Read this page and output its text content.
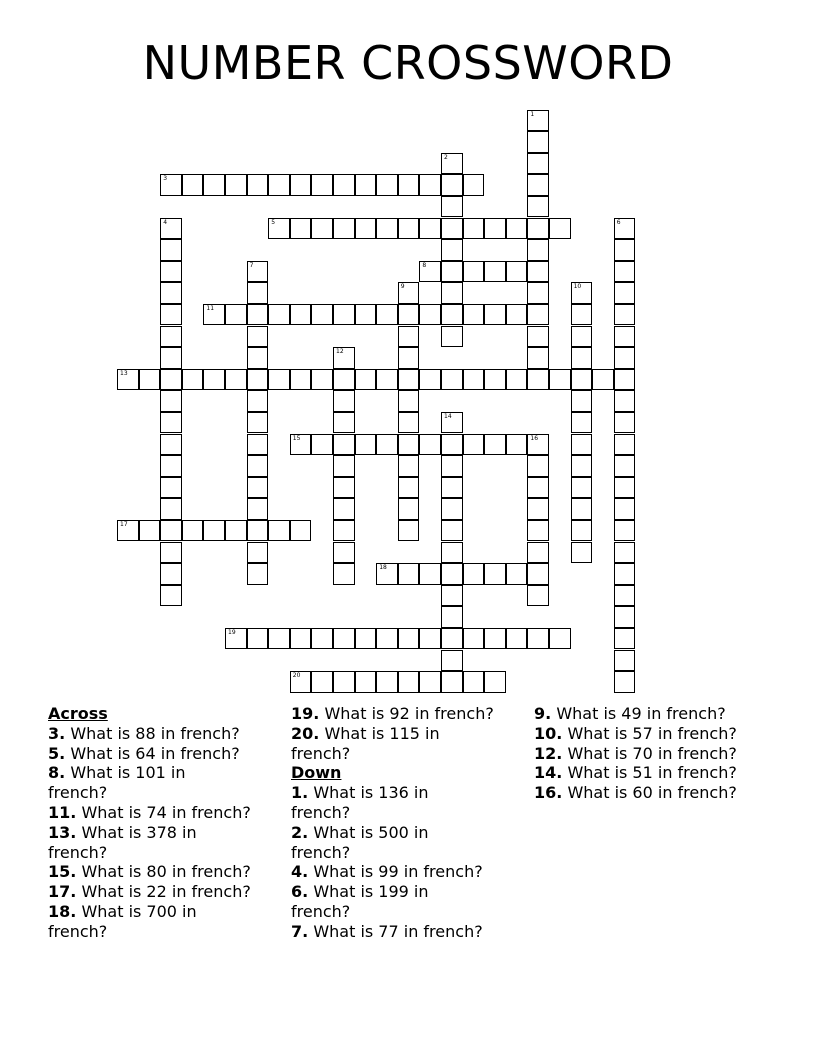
NUMBER CROSSWORD
1
2
3
4	5	6
7	8
9	10
11
12
13
14
15	16
17
18
19
20
Across
3. What is 88 in french?
5. What is 64 in french?
8. What is 101 in french?
11. What is 74 in french?
13. What is 378 in french?
15. What is 80 in french?
17. What is 22 in french?
18. What is 700 in french?
19. What is 92 in french?
20. What is 115 in french?
Down
1. What is 136 in french?
2. What is 500 in french?
4. What is 99 in french?
6. What is 199 in french?
7. What is 77 in french?
9. What is 49 in french?
10. What is 57 in french?
12. What is 70 in french?
14. What is 51 in french?
16. What is 60 in french?
